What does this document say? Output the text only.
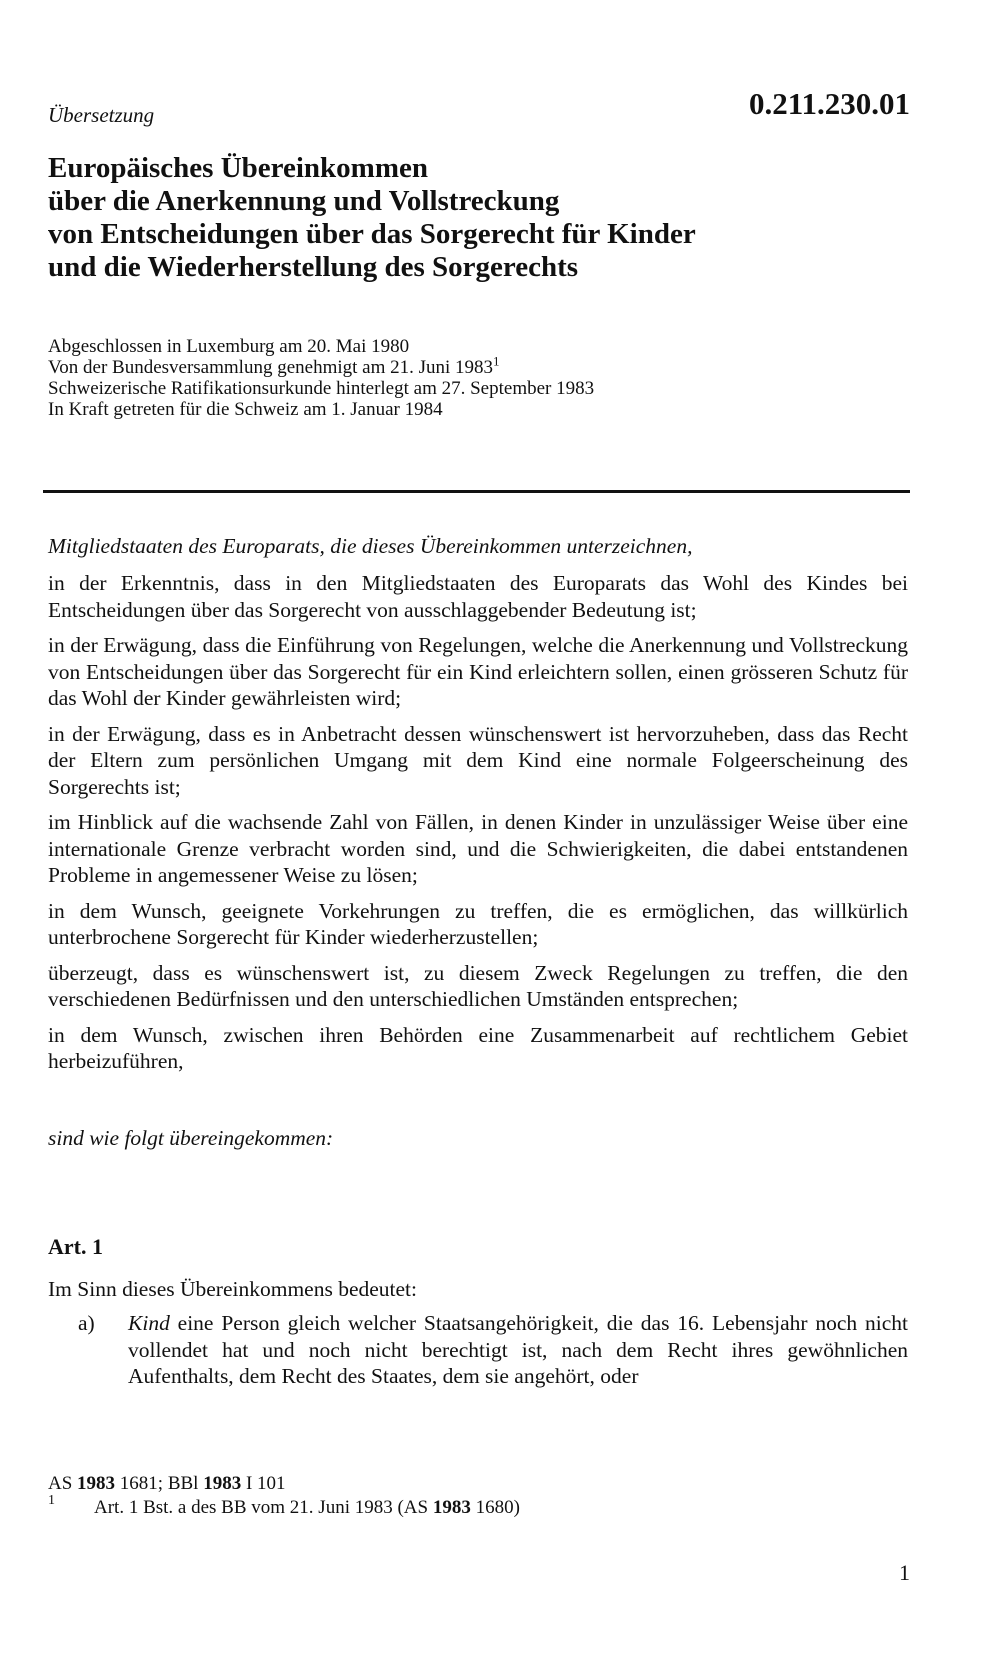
Übersetzung	0.211.230.01
Europäisches Übereinkommen
über die Anerkennung und Vollstreckung
von Entscheidungen über das Sorgerecht für Kinder
und die Wiederherstellung des Sorgerechts
Abgeschlossen in Luxemburg am 20. Mai 1980
Von der Bundesversammlung genehmigt am 21. Juni 1983$^1$
Schweizerische Ratifikationsurkunde hinterlegt am 27. September 1983
In Kraft getreten für die Schweiz am 1. Januar 1984
Mitgliedstaaten des Europarats, die dieses Übereinkommen unterzeichnen,

in der Erkenntnis, dass in den Mitgliedstaaten des Europarats das Wohl des Kindes bei Entscheidungen über das Sorgerecht von ausschlaggebender Bedeutung ist;

in der Erwägung, dass die Einführung von Regelungen, welche die Anerkennung und Vollstreckung von Entscheidungen über das Sorgerecht für ein Kind erleichtern sollen, einen grösseren Schutz für das Wohl der Kinder gewährleisten wird;

in der Erwägung, dass es in Anbetracht dessen wünschenswert ist hervorzuheben, dass das Recht der Eltern zum persönlichen Umgang mit dem Kind eine normale Folgeerscheinung des Sorgerechts ist;

im Hinblick auf die wachsende Zahl von Fällen, in denen Kinder in unzulässiger Weise über eine internationale Grenze verbracht worden sind, und die Schwierigkeiten, die dabei entstandenen Probleme in angemessener Weise zu lösen;

in dem Wunsch, geeignete Vorkehrungen zu treffen, die es ermöglichen, das willkürlich unterbrochene Sorgerecht für Kinder wiederherzustellen;

überzeugt, dass es wünschenswert ist, zu diesem Zweck Regelungen zu treffen, die den verschiedenen Bedürfnissen und den unterschiedlichen Umständen entsprechen;

in dem Wunsch, zwischen ihren Behörden eine Zusammenarbeit auf rechtlichem Gebiet herbeizuführen,

sind wie folgt übereingekommen:
Art. 1
Im Sinn dieses Übereinkommens bedeutet:
a) Kind eine Person gleich welcher Staatsangehörigkeit, die das 16. Lebensjahr noch nicht vollendet hat und noch nicht berechtigt ist, nach dem Recht ihres gewöhnlichen Aufenthalts, dem Recht des Staates, dem sie angehört, oder
AS 1983 1681; BBl 1983 I 101
1 Art. 1 Bst. a des BB vom 21. Juni 1983 (AS 1983 1680)
1
